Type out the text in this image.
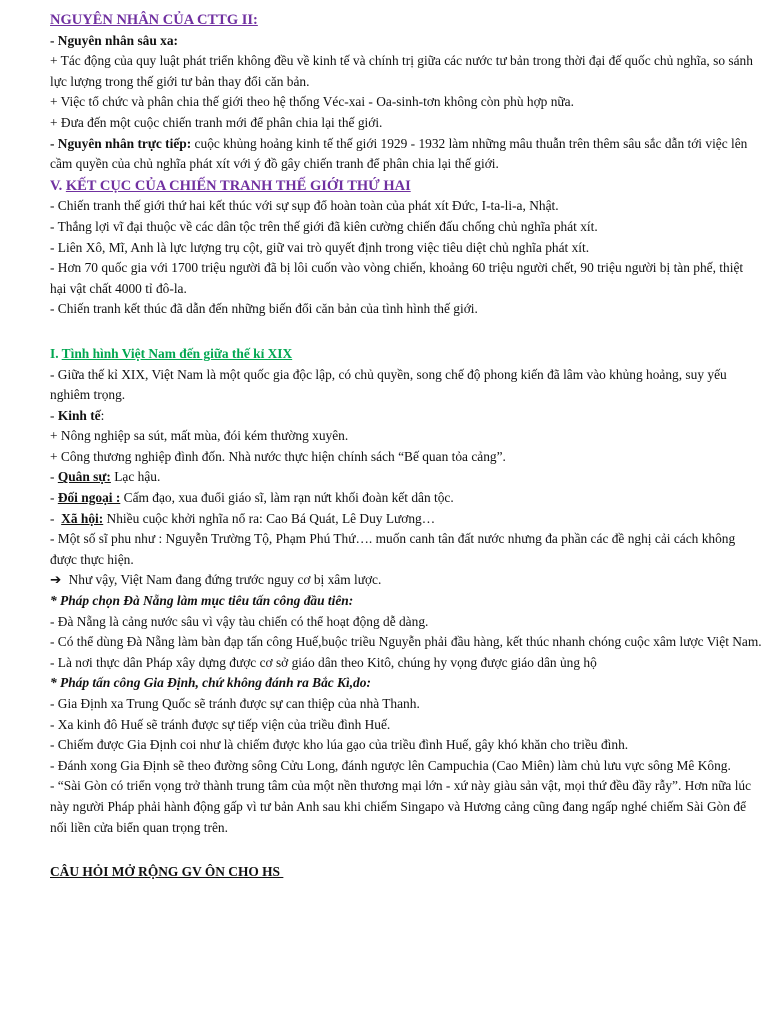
NGUYÊN NHÂN CỦA CTTG II:
- Nguyên nhân sâu xa:
+ Tác động của quy luật phát triển không đều về kinh tế và chính trị giữa các nước tư bản trong thời đại đế quốc chủ nghĩa, so sánh lực lượng trong thế giới tư bản thay đổi căn bản.
+ Việc tổ chức và phân chia thế giới theo hệ thống Véc-xai - Oa-sinh-tơn không còn phù hợp nữa.
+ Đưa đến một cuộc chiến tranh mới để phân chia lại thế giới.
- Nguyên nhân trực tiếp: cuộc khủng hoảng kinh tế thế giới 1929 - 1932 làm những mâu thuẫn trên thêm sâu sắc dẫn tới việc lên cầm quyền của chủ nghĩa phát xít với ý đồ gây chiến tranh để phân chia lại thế giới.
V. KẾT CỤC CỦA CHIẾN TRANH THẾ GIỚI THỨ HAI
- Chiến tranh thế giới thứ hai kết thúc với sự sụp đổ hoàn toàn của phát xít Đức, I-ta-li-a, Nhật.
- Thắng lợi vĩ đại thuộc về các dân tộc trên thế giới đã kiên cường chiến đấu chống chủ nghĩa phát xít.
- Liên Xô, Mĩ, Anh là lực lượng trụ cột, giữ vai trò quyết định trong việc tiêu diệt chủ nghĩa phát xít.
- Hơn 70 quốc gia với 1700 triệu người đã bị lôi cuốn vào vòng chiến, khoảng 60 triệu người chết, 90 triệu người bị tàn phế, thiệt hại vật chất 4000 tỉ đô-la.
- Chiến tranh kết thúc đã dẫn đến những biến đổi căn bản của tình hình thế giới.
I. Tình hình Việt Nam đến giữa thế kỉ XIX
- Giữa thế kỉ XIX, Việt Nam là một quốc gia độc lập, có chủ quyền, song chế độ phong kiến đã lâm vào khủng hoảng, suy yếu nghiêm trọng.
- Kinh tế:
+ Nông nghiệp sa sút, mất mùa, đói kém thường xuyên.
+ Công thương nghiệp đình đốn. Nhà nước thực hiện chính sách “Bế quan tỏa cảng”.
- Quân sự: Lạc hậu.
- Đối ngoại : Cấm đạo, xua đuổi giáo sĩ, làm rạn nứt khối đoàn kết dân tộc.
-  Xã hội: Nhiều cuộc khởi nghĩa nổ ra: Cao Bá Quát, Lê Duy Lương…
- Một số sĩ phu như : Nguyễn Trường Tộ, Phạm Phú Thứ…. muốn canh tân đất nước nhưng đa phần các đề nghị cải cách không được thực hiện.
➔ Như vậy, Việt Nam đang đứng trước nguy cơ bị xâm lược.
* Pháp chọn Đà Nẵng làm mục tiêu tấn công đầu tiên:
- Đà Nẵng là cảng nước sâu vì vậy tàu chiến có thể hoạt động dễ dàng.
- Có thể dùng Đà Nẵng làm bàn đạp tấn công Huế,buộc triều Nguyễn phải đầu hàng, kết thúc nhanh chóng cuộc xâm lược Việt Nam.
- Là nơi thực dân Pháp xây dựng được cơ sở giáo dân theo Kitô, chúng hy vọng được giáo dân ủng hộ
* Pháp tấn công Gia Định, chứ không đánh ra Bắc Kì,do:
- Gia Định xa Trung Quốc sẽ tránh được sự can thiệp của nhà Thanh.
- Xa kinh đô Huế sẽ tránh được sự tiếp viện của triều đình Huế.
- Chiếm được Gia Định coi như là chiếm được kho lúa gạo của triều đình Huế, gây khó khăn cho triều đình.
- Đánh xong Gia Định sẽ theo đường sông Cửu Long, đánh ngược lên Campuchia (Cao Miên) làm chủ lưu vực sông Mê Kông.
- “Sài Gòn có triển vọng trở thành trung tâm của một nền thương mại lớn - xứ này giàu sản vật, mọi thứ đều đầy rẫy”. Hơn nữa lúc này người Pháp phải hành động gấp vì tư bản Anh sau khi chiếm Singapo và Hương cảng cũng đang ngấp nghé chiếm Sài Gòn để nối liền cửa biển quan trọng trên.
CÂU HỎI MỞ RỘNG GV ÔN CHO HS
